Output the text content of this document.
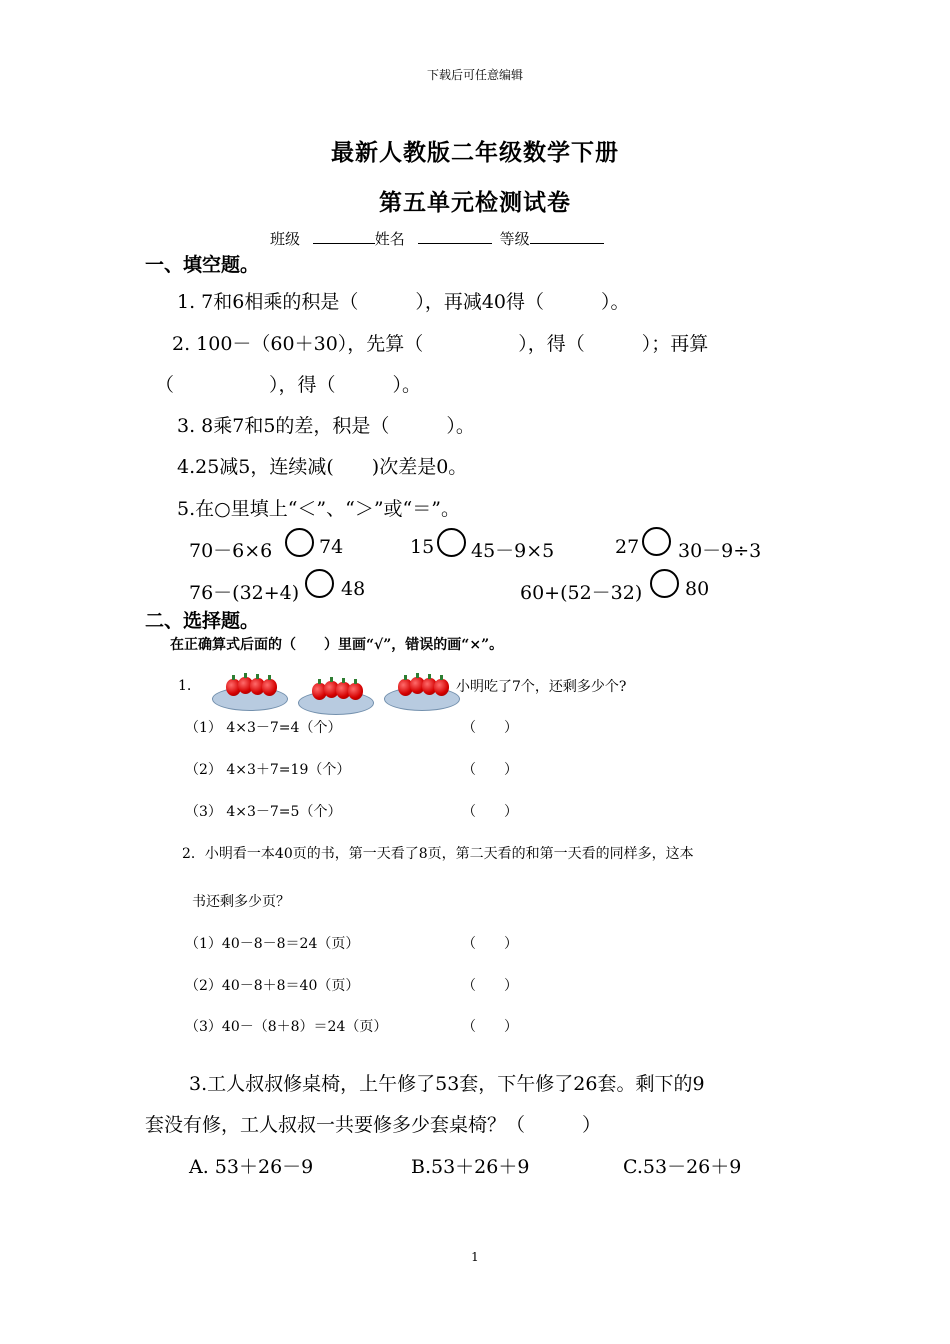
下载后可任意编辑
最新人教版二年级数学下册
第五单元检测试卷
班级	姓名	等级
一、填空题。
1. 7和6相乘的积是（　　　），再减40得（　　　）。
2. 100－（60＋30），先算（　　　　　），得（　　　）；再算
（　　　　　），得（　　　）。
3. 8乘7和5的差，积是（　　　）。
4.25减5，连续减(　　)次差是0。
5.在○里填上“＜”、“＞”或“＝”。
70－6×6 74	15 45－9×5	27 30－9÷3
76－(32+4) 48	60+(52－32) 80
二、选择题。
在正确算式后面的（　　）里画“√”，错误的画“×”。
1.	小明吃了7个，还剩多少个?
（1） 4×3－7=4（个）	（　　）
（2） 4×3＋7=19（个）	（　　）
（3） 4×3－7=5（个）	（　　）
2．小明看一本40页的书，第一天看了8页，第二天看的和第一天看的同样多，这本
书还剩多少页？
（1）40－8－8＝24（页）	（　　）
（2）40－8＋8＝40（页）	（　　）
（3）40－（8＋8）＝24（页）	（　　）
3.工人叔叔修桌椅，上午修了53套，下午修了26套。剩下的9
套没有修，工人叔叔一共要修多少套桌椅？（　　　）
A. 53＋26－9	B.53＋26＋9	C.53－26＋9
1
